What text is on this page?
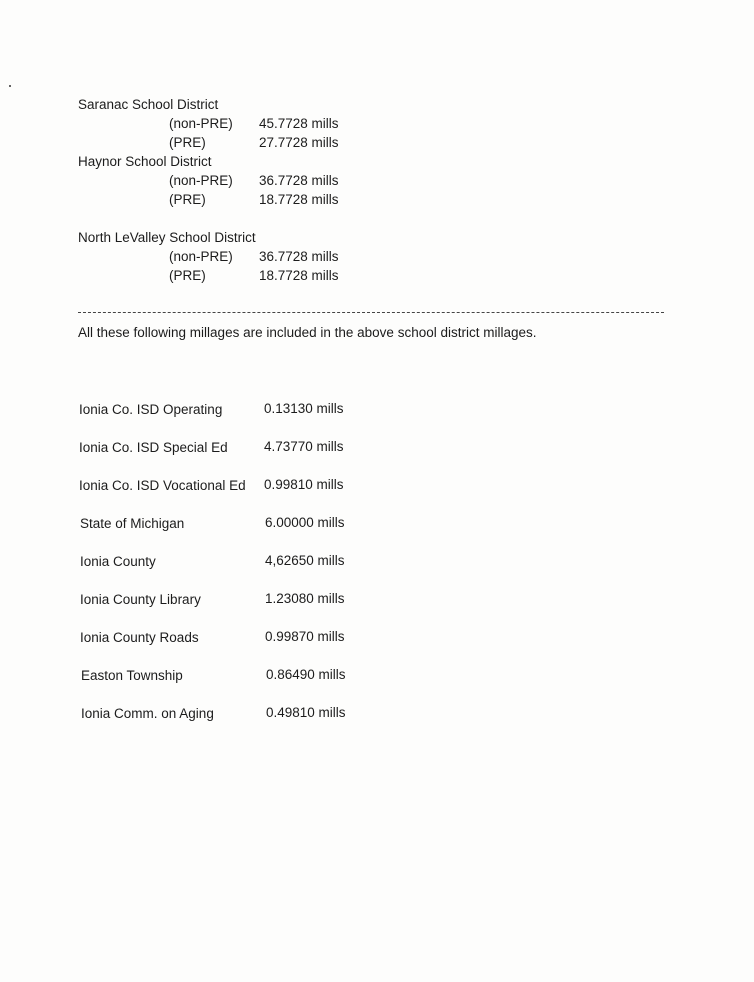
Saranac School District
(non-PRE) 45.7728 mills
(PRE)	27.7728 mills
Haynor School District
(non-PRE) 36.7728 mills
(PRE)	18.7728 mills
North LeValley School District
(non-PRE) 36.7728 mills
(PRE)	18.7728 mills
All these following millages are included in the above school district millages.
Ionia Co. ISD Operating	0.13130 mills
Ionia Co. ISD Special Ed	4.73770 mills
Ionia Co. ISD Vocational Ed 0.99810 mills
State of Michigan	6.00000 mills
Ionia County	4,62650 mills
Ionia County Library	1.23080 mills
Ionia County Roads	0.99870 mills
Easton Township	0.86490 mills
Ionia Comm. on Aging	0.49810 mills
